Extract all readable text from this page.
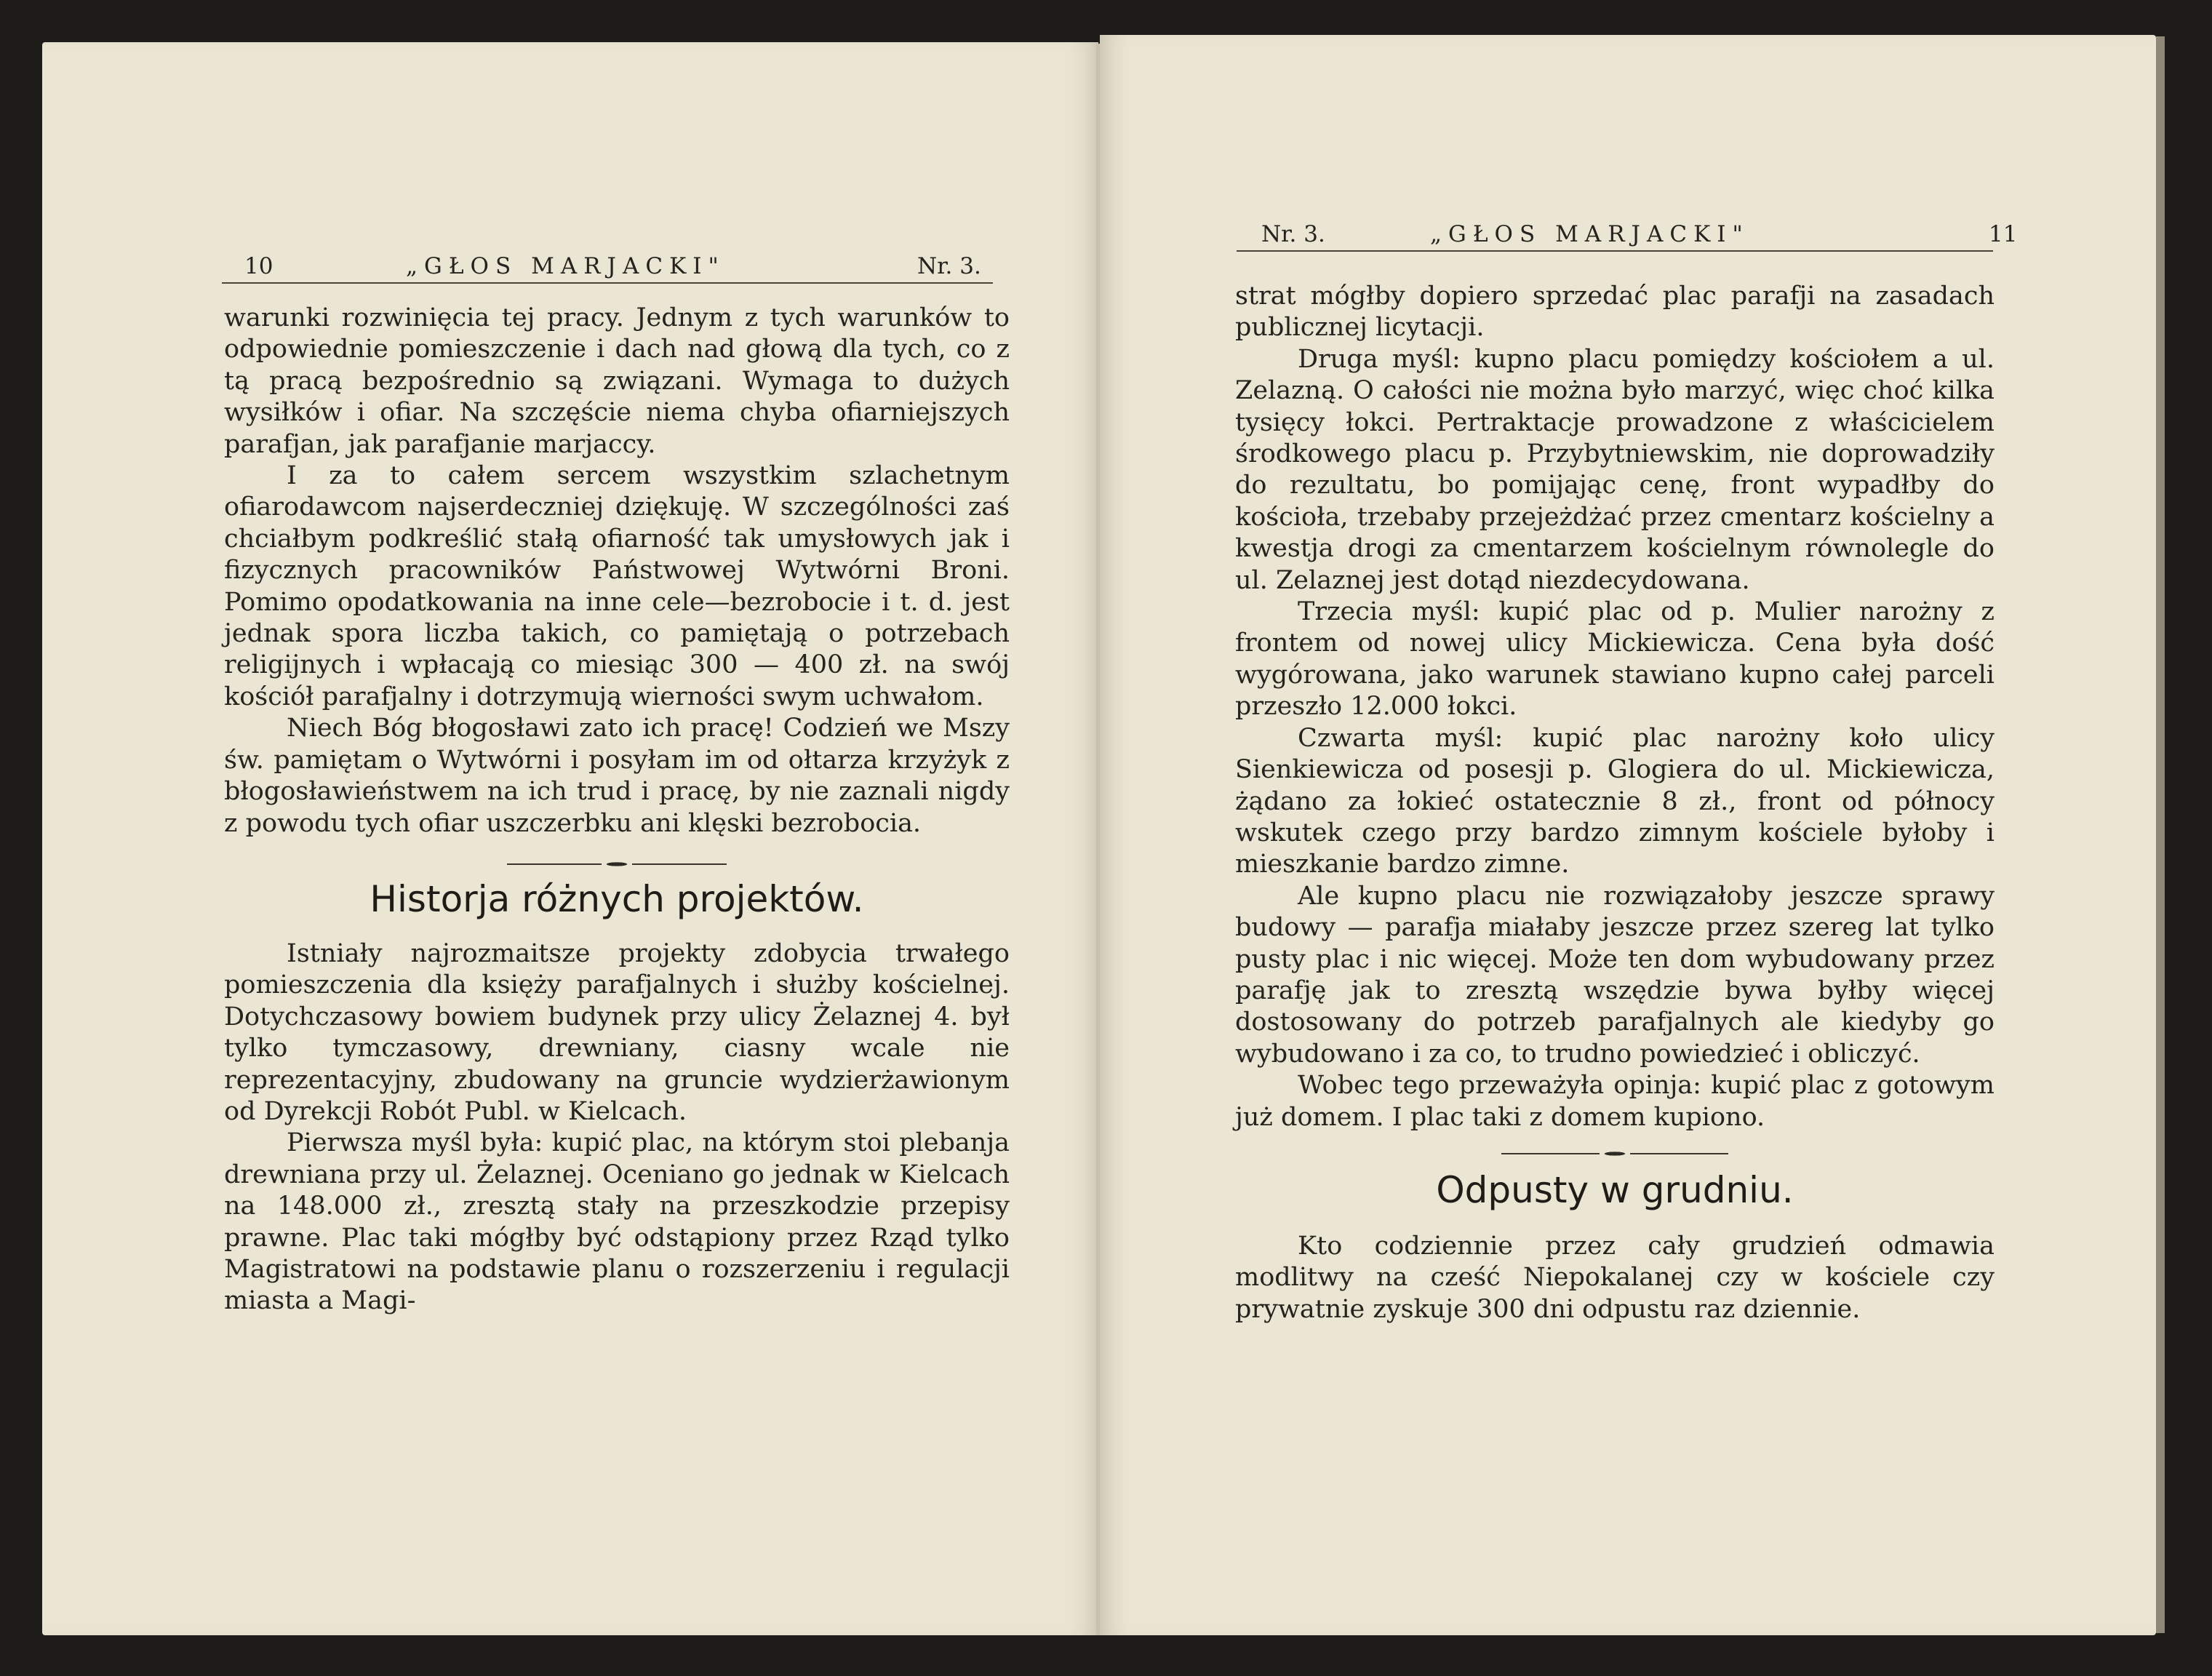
10	„GŁOS MARJACKI"	Nr. 3.

warunki rozwinięcia tej pracy. Jednym z tych warunków to odpowiednie pomieszczenie i dach nad głową dla tych, co z tą pracą bezpośrednio są związani. Wymaga to dużych wysiłków i ofiar. Na szczęście niema chyba ofiarniejszych parafjan, jak parafjanie marjaccy.

I za to całem sercem wszystkim szlachetnym ofiarodawcom najserdeczniej dziękuję. W szczególności zaś chciałbym podkreślić stałą ofiarność tak umysłowych jak i fizycznych pracowników Państwowej Wytwórni Broni. Pomimo opodatkowania na inne cele—bezrobocie i t. d. jest jednak spora liczba takich, co pamiętają o potrzebach religijnych i wpłacają co miesiąc 300 — 400 zł. na swój kościół parafjalny i dotrzymują wierności swym uchwałom.

Niech Bóg błogosławi zato ich pracę! Codzień we Mszy św. pamiętam o Wytwórni i posyłam im od ołtarza krzyżyk z błogosławieństwem na ich trud i pracę, by nie zaznali nigdy z powodu tych ofiar uszczerbku ani klęski bezrobocia.

Historja różnych projektów.

Istniały najrozmaitsze projekty zdobycia trwałego pomieszczenia dla księży parafjalnych i służby kościelnej. Dotychczasowy bowiem budynek przy ulicy Żelaznej 4. był tylko tymczasowy, drewniany, ciasny wcale nie reprezentacyjny, zbudowany na gruncie wydzierżawionym od Dyrekcji Robót Publ. w Kielcach.

Pierwsza myśl była: kupić plac, na którym stoi plebanja drewniana przy ul. Żelaznej. Oceniano go jednak w Kielcach na 148.000 zł., zresztą stały na przeszkodzie przepisy prawne. Plac taki mógłby być odstąpiony przez Rząd tylko Magistratowi na podstawie planu o rozszerzeniu i regulacji miasta a Magi-

Nr. 3.	„GŁOS MARJACKI"	11

strat mógłby dopiero sprzedać plac parafji na zasadach publicznej licytacji.

Druga myśl: kupno placu pomiędzy kościołem a ul. Zelazną. O całości nie można było marzyć, więc choć kilka tysięcy łokci. Pertraktacje prowadzone z właścicielem środkowego placu p. Przybytniewskim, nie doprowadziły do rezultatu, bo pomijając cenę, front wypadłby do kościoła, trzebaby przejeżdżać przez cmentarz kościelny a kwestja drogi za cmentarzem kościelnym równolegle do ul. Zelaznej jest dotąd niezdecydowana.

Trzecia myśl: kupić plac od p. Mulier narożny z frontem od nowej ulicy Mickiewicza. Cena była dość wygórowana, jako warunek stawiano kupno całej parceli przeszło 12.000 łokci.

Czwarta myśl: kupić plac narożny koło ulicy Sienkiewicza od posesji p. Glogiera do ul. Mickiewicza, żądano za łokieć ostatecznie 8 zł., front od północy wskutek czego przy bardzo zimnym kościele byłoby i mieszkanie bardzo zimne.

Ale kupno placu nie rozwiązałoby jeszcze sprawy budowy — parafja miałaby jeszcze przez szereg lat tylko pusty plac i nic więcej. Może ten dom wybudowany przez parafję jak to zresztą wszędzie bywa byłby więcej dostosowany do potrzeb parafjalnych ale kiedyby go wybudowano i za co, to trudno powiedzieć i obliczyć.

Wobec tego przeważyła opinja: kupić plac z gotowym już domem. I plac taki z domem kupiono.

Odpusty w grudniu.

Kto codziennie przez cały grudzień odmawia modlitwy na cześć Niepokalanej czy w kościele czy prywatnie zyskuje 300 dni odpustu raz dziennie.
